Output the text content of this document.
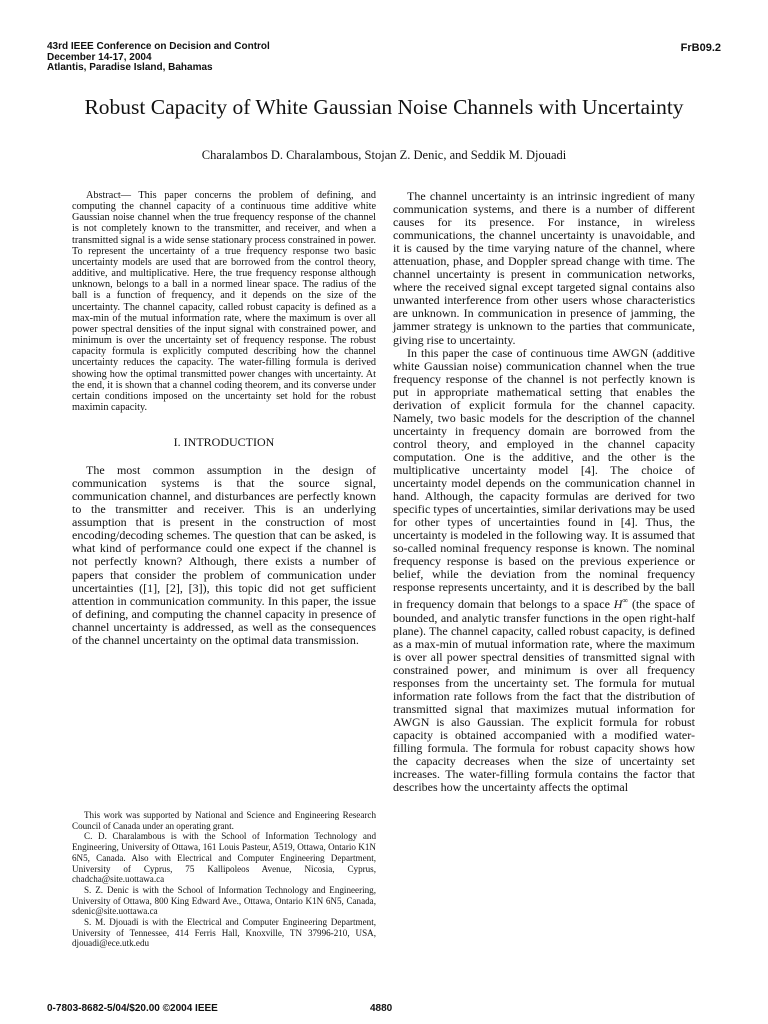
43rd IEEE Conference on Decision and Control
December 14-17, 2004
Atlantis, Paradise Island, Bahamas
FrB09.2
Robust Capacity of White Gaussian Noise Channels with Uncertainty
Charalambos D. Charalambous, Stojan Z. Denic, and Seddik M. Djouadi

Abstract— This paper concerns the problem of defining, and computing the channel capacity of a continuous time additive white Gaussian noise channel when the true frequency response of the channel is not completely known to the transmitter, and receiver, and when a transmitted signal is a wide sense stationary process constrained in power. To represent the uncertainty of a true frequency response two basic uncertainty models are used that are borrowed from the control theory, additive, and multiplicative. Here, the true frequency response although unknown, belongs to a ball in a normed linear space. The radius of the ball is a function of frequency, and it depends on the size of the uncertainty. The channel capacity, called robust capacity is defined as a max-min of the mutual information rate, where the maximum is over all power spectral densities of the input signal with constrained power, and minimum is over the uncertainty set of frequency response. The robust capacity formula is explicitly computed describing how the channel uncertainty reduces the capacity. The water-filling formula is derived showing how the optimal transmitted power changes with uncertainty. At the end, it is shown that a channel coding theorem, and its converse under certain conditions imposed on the uncertainty set hold for the robust maximin capacity.

I. INTRODUCTION

The most common assumption in the design of communication systems is that the source signal, communication channel, and disturbances are perfectly known to the transmitter and receiver. This is an underlying assumption that is present in the construction of most encoding/decoding schemes. The question that can be asked, is what kind of performance could one expect if the channel is not perfectly known? Although, there exists a number of papers that consider the problem of communication under uncertainties ([1], [2], [3]), this topic did not get sufficient attention in communication community. In this paper, the issue of defining, and computing the channel capacity in presence of channel uncertainty is addressed, as well as the consequences of the channel uncertainty on the optimal data transmission.

This work was supported by National and Science and Engineering Research Council of Canada under an operating grant.

C. D. Charalambous is with the School of Information Technology and Engineering, University of Ottawa, 161 Louis Pasteur, A519, Ottawa, Ontario K1N 6N5, Canada. Also with Electrical and Computer Engineering Department, University of Cyprus, 75 Kallipoleos Avenue, Nicosia, Cyprus, chadcha@site.uottawa.ca

S. Z. Denic is with the School of Information Technology and Engineering, University of Ottawa, 800 King Edward Ave., Ottawa, Ontario K1N 6N5, Canada, sdenic@site.uottawa.ca

S. M. Djouadi is with the Electrical and Computer Engineering Department, University of Tennessee, 414 Ferris Hall, Knoxville, TN 37996-210, USA, djouadi@ece.utk.edu

The channel uncertainty is an intrinsic ingredient of many communication systems, and there is a number of different causes for its presence. For instance, in wireless communications, the channel uncertainty is unavoidable, and it is caused by the time varying nature of the channel, where attenuation, phase, and Doppler spread change with time. The channel uncertainty is present in communication networks, where the received signal except targeted signal contains also unwanted interference from other users whose characteristics are unknown. In communication in presence of jamming, the jammer strategy is unknown to the parties that communicate, giving rise to uncertainty.

In this paper the case of continuous time AWGN (additive white Gaussian noise) communication channel when the true frequency response of the channel is not perfectly known is put in appropriate mathematical setting that enables the derivation of explicit formula for the channel capacity. Namely, two basic models for the description of the channel uncertainty in frequency domain are borrowed from the control theory, and employed in the channel capacity computation. One is the additive, and the other is the multiplicative uncertainty model [4]. The choice of uncertainty model depends on the communication channel in hand. Although, the capacity formulas are derived for two specific types of uncertainties, similar derivations may be used for other types of uncertainties found in [4]. Thus, the uncertainty is modeled in the following way. It is assumed that so-called nominal frequency response is known. The nominal frequency response is based on the previous experience or belief, while the deviation from the nominal frequency response represents uncertainty, and it is described by the ball in frequency domain that belongs to a space H∞ (the space of bounded, and analytic transfer functions in the open right-half plane). The channel capacity, called robust capacity, is defined as a max-min of mutual information rate, where the maximum is over all power spectral densities of transmitted signal with constrained power, and minimum is over all frequency responses from the uncertainty set. The formula for mutual information rate follows from the fact that the distribution of transmitted signal that maximizes mutual information for AWGN is also Gaussian. The explicit formula for robust capacity is obtained accompanied with a modified water-filling formula. The formula for robust capacity shows how the capacity decreases when the size of uncertainty set increases. The water-filling formula contains the factor that describes how the uncertainty affects the optimal

0-7803-8682-5/04/$20.00 ©2004 IEEE	4880
